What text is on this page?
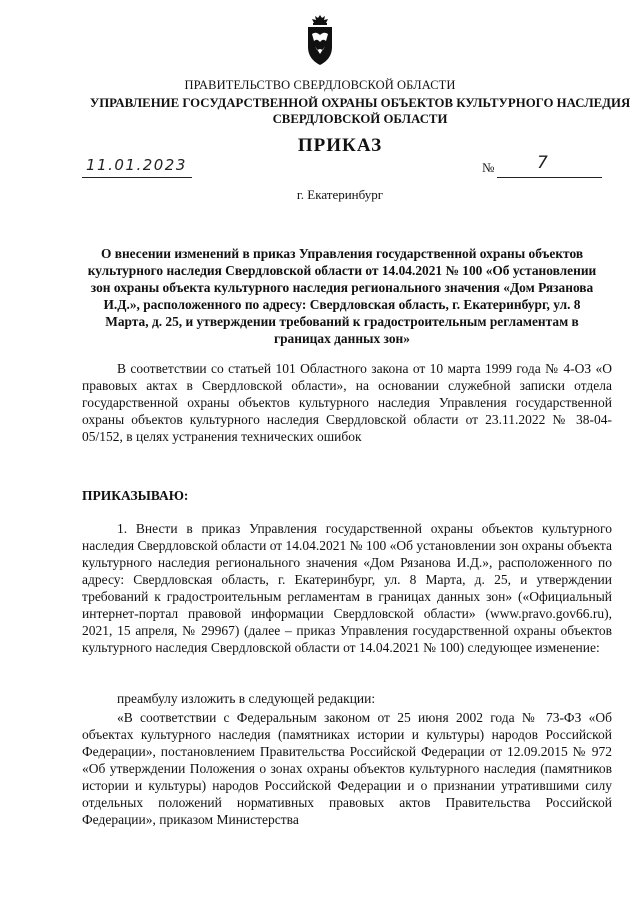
ПРАВИТЕЛЬСТВО СВЕРДЛОВСКОЙ ОБЛАСТИ
УПРАВЛЕНИЕ ГОСУДАРСТВЕННОЙ ОХРАНЫ ОБЪЕКТОВ КУЛЬТУРНОГО НАСЛЕДИЯ СВЕРДЛОВСКОЙ ОБЛАСТИ
ПРИКАЗ
11.01.2023	№	7
г. Екатеринбург
О внесении изменений в приказ Управления государственной охраны объектов культурного наследия Свердловской области от 14.04.2021 № 100 «Об установлении зон охраны объекта культурного наследия регионального значения «Дом Рязанова И.Д.», расположенного по адресу: Свердловская область, г. Екатеринбург, ул. 8 Марта, д. 25, и утверждении требований к градостроительным регламентам в границах данных зон»
В соответствии со статьей 101 Областного закона от 10 марта 1999 года № 4-ОЗ «О правовых актах в Свердловской области», на основании служебной записки отдела государственной охраны объектов культурного наследия Управления государственной охраны объектов культурного наследия Свердловской области от 23.11.2022 № 38-04-05/152, в целях устранения технических ошибок
ПРИКАЗЫВАЮ:
1. Внести в приказ Управления государственной охраны объектов культурного наследия Свердловской области от 14.04.2021 № 100 «Об установлении зон охраны объекта культурного наследия регионального значения «Дом Рязанова И.Д.», расположенного по адресу: Свердловская область, г. Екатеринбург, ул. 8 Марта, д. 25, и утверждении требований к градостроительным регламентам в границах данных зон» («Официальный интернет-портал правовой информации Свердловской области» (www.pravo.gov66.ru), 2021, 15 апреля, № 29967) (далее – приказ Управления государственной охраны объектов культурного наследия Свердловской области от 14.04.2021 № 100) следующее изменение:
преамбулу изложить в следующей редакции:
«В соответствии с Федеральным законом от 25 июня 2002 года № 73-ФЗ «Об объектах культурного наследия (памятниках истории и культуры) народов Российской Федерации», постановлением Правительства Российской Федерации от 12.09.2015 № 972 «Об утверждении Положения о зонах охраны объектов культурного наследия (памятников истории и культуры) народов Российской Федерации и о признании утратившими силу отдельных положений нормативных правовых актов Правительства Российской Федерации», приказом Министерства
